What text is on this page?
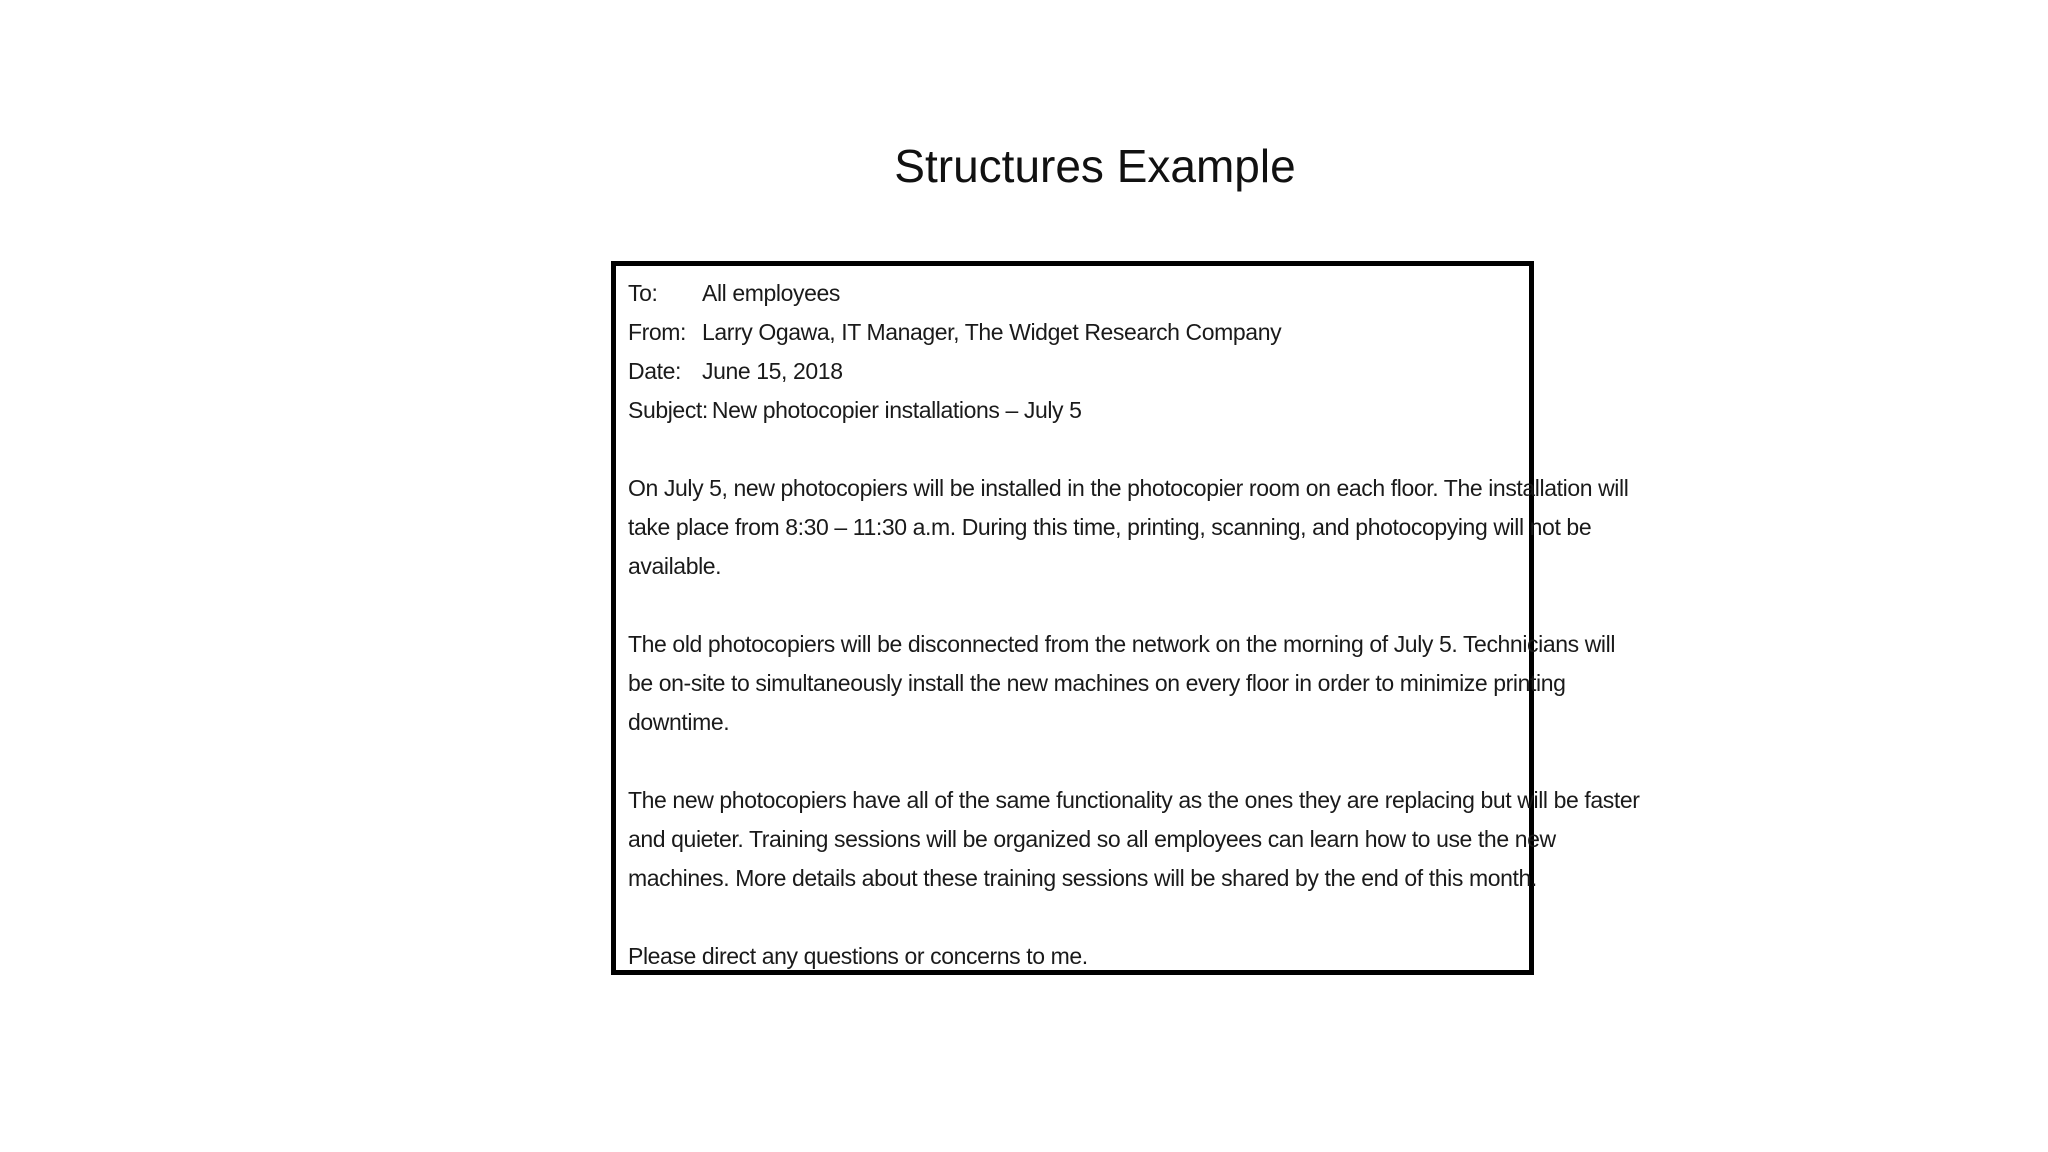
Structures Example
To:	All employees
From: Larry Ogawa, IT Manager, The Widget Research Company
Date: June 15, 2018
Subject: New photocopier installations – July 5

On July 5, new photocopiers will be installed in the photocopier room on each floor. The installation will

take place from 8:30 – 11:30 a.m. During this time, printing, scanning, and photocopying will not be

available.

The old photocopiers will be disconnected from the network on the morning of July 5. Technicians will

be on-site to simultaneously install the new machines on every floor in order to minimize printing

downtime.

The new photocopiers have all of the same functionality as the ones they are replacing but will be faster

and quieter. Training sessions will be organized so all employees can learn how to use the new

machines. More details about these training sessions will be shared by the end of this month.

Please direct any questions or concerns to me.
